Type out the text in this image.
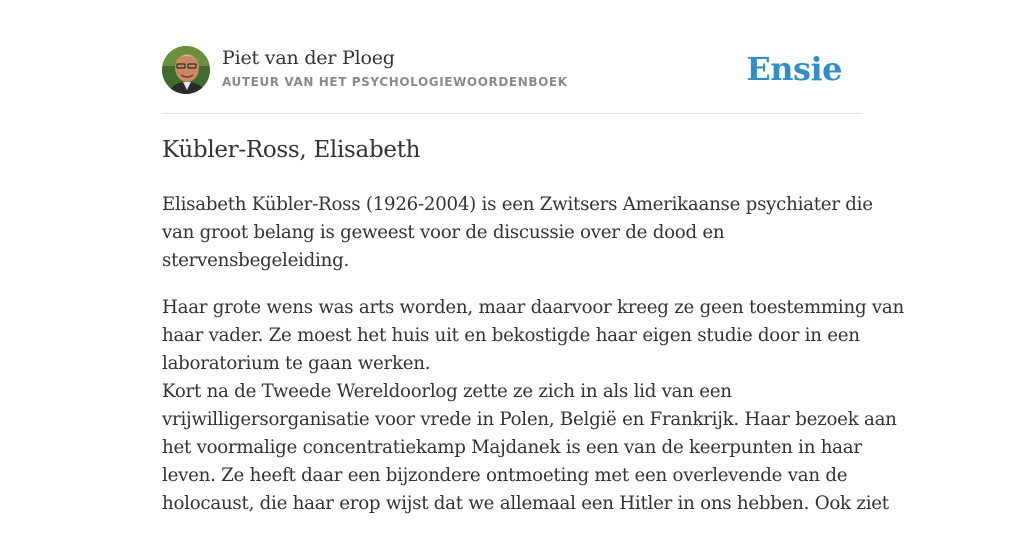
Piet van der Ploeg
AUTEUR VAN HET PSYCHOLOGIEWOORDENBOEK	Ensie
Kübler-Ross, Elisabeth

Elisabeth Kübler-Ross (1926-2004) is een Zwitsers Amerikaanse psychiater die
van groot belang is geweest voor de discussie over de dood en
stervensbegeleiding.

Haar grote wens was arts worden, maar daarvoor kreeg ze geen toestemming van
haar vader. Ze moest het huis uit en bekostigde haar eigen studie door in een
laboratorium te gaan werken.
Kort na de Tweede Wereldoorlog zette ze zich in als lid van een
vrijwilligersorganisatie voor vrede in Polen, België en Frankrijk. Haar bezoek aan
het voormalige concentratiekamp Majdanek is een van de keerpunten in haar
leven. Ze heeft daar een bijzondere ontmoeting met een overlevende van de
holocaust, die haar erop wijst dat we allemaal een Hitler in ons hebben. Ook ziet
